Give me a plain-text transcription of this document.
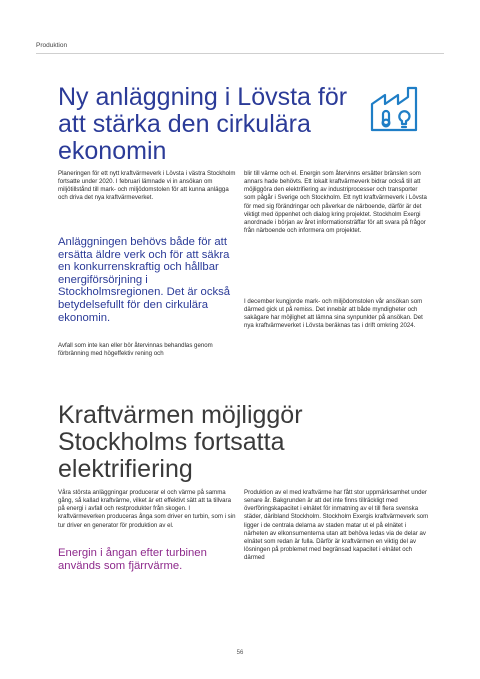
Produktion
Ny anläggning i Lövsta för att stärka den cirkulära ekonomin

Planeringen för ett nytt kraftvärmeverk i Lövsta i västra Stockholm fortsatte under 2020. I februari lämnade vi in ansökan om miljötillstånd till mark- och miljödomstolen för att kunna anlägga och driva det nya kraftvärmeverket.

Anläggningen behövs både för att ersätta äldre verk och för att säkra en konkurrenskraftig och hållbar energiförsörjning i Stockholmsregionen. Det är också betydelsefullt för den cirkulära ekonomin.

Avfall som inte kan eller bör återvinnas behandlas genom förbränning med högeffektiv rening och

blir till värme och el. Energin som återvinns ersätter bränslen som annars hade behövts. Ett lokalt kraftvärmeverk bidrar också till att möjliggöra den elektrifiering av industriprocesser och transporter som pågår i Sverige och Stockholm. Ett nytt kraftvärmeverk i Lövsta för med sig förändringar och påverkar de närboende, därför är det viktigt med öppenhet och dialog kring projektet. Stockholm Exergi anordnade i början av året informationsträffar för att svara på frågor från närboende och informera om projektet.

I december kungjorde mark- och miljödomstolen vår ansökan som därmed gick ut på remiss. Det innebär att både myndigheter och sakägare har möjlighet att lämna sina synpunkter på ansökan. Det nya kraftvärmeverket i Lövsta beräknas tas i drift omkring 2024.

Kraftvärmen möjliggör Stockholms fortsatta elektrifiering

Våra största anläggningar producerar el och värme på samma gång, så kallad kraftvärme, vilket är ett effektivt sätt att ta tillvara på energi i avfall och restprodukter från skogen. I kraftvärmeverken produceras ånga som driver en turbin, som i sin tur driver en generator för produktion av el.

Energin i ångan efter turbinen används som fjärrvärme.

Produktion av el med kraftvärme har fått stor uppmärksamhet under senare år. Bakgrunden är att det inte finns tillräckligt med överföringskapacitet i elnätet för inmatning av el till flera svenska städer, däribland Stockholm. Stockholm Exergis kraftvärmeverk som ligger i de centrala delarna av staden matar ut el på elnätet i närheten av elkonsumenterna utan att behöva ledas via de delar av elnätet som redan är fulla. Därför är kraftvärmen en viktig del av lösningen på problemet med begränsad kapacitet i elnätet och därmed

56
